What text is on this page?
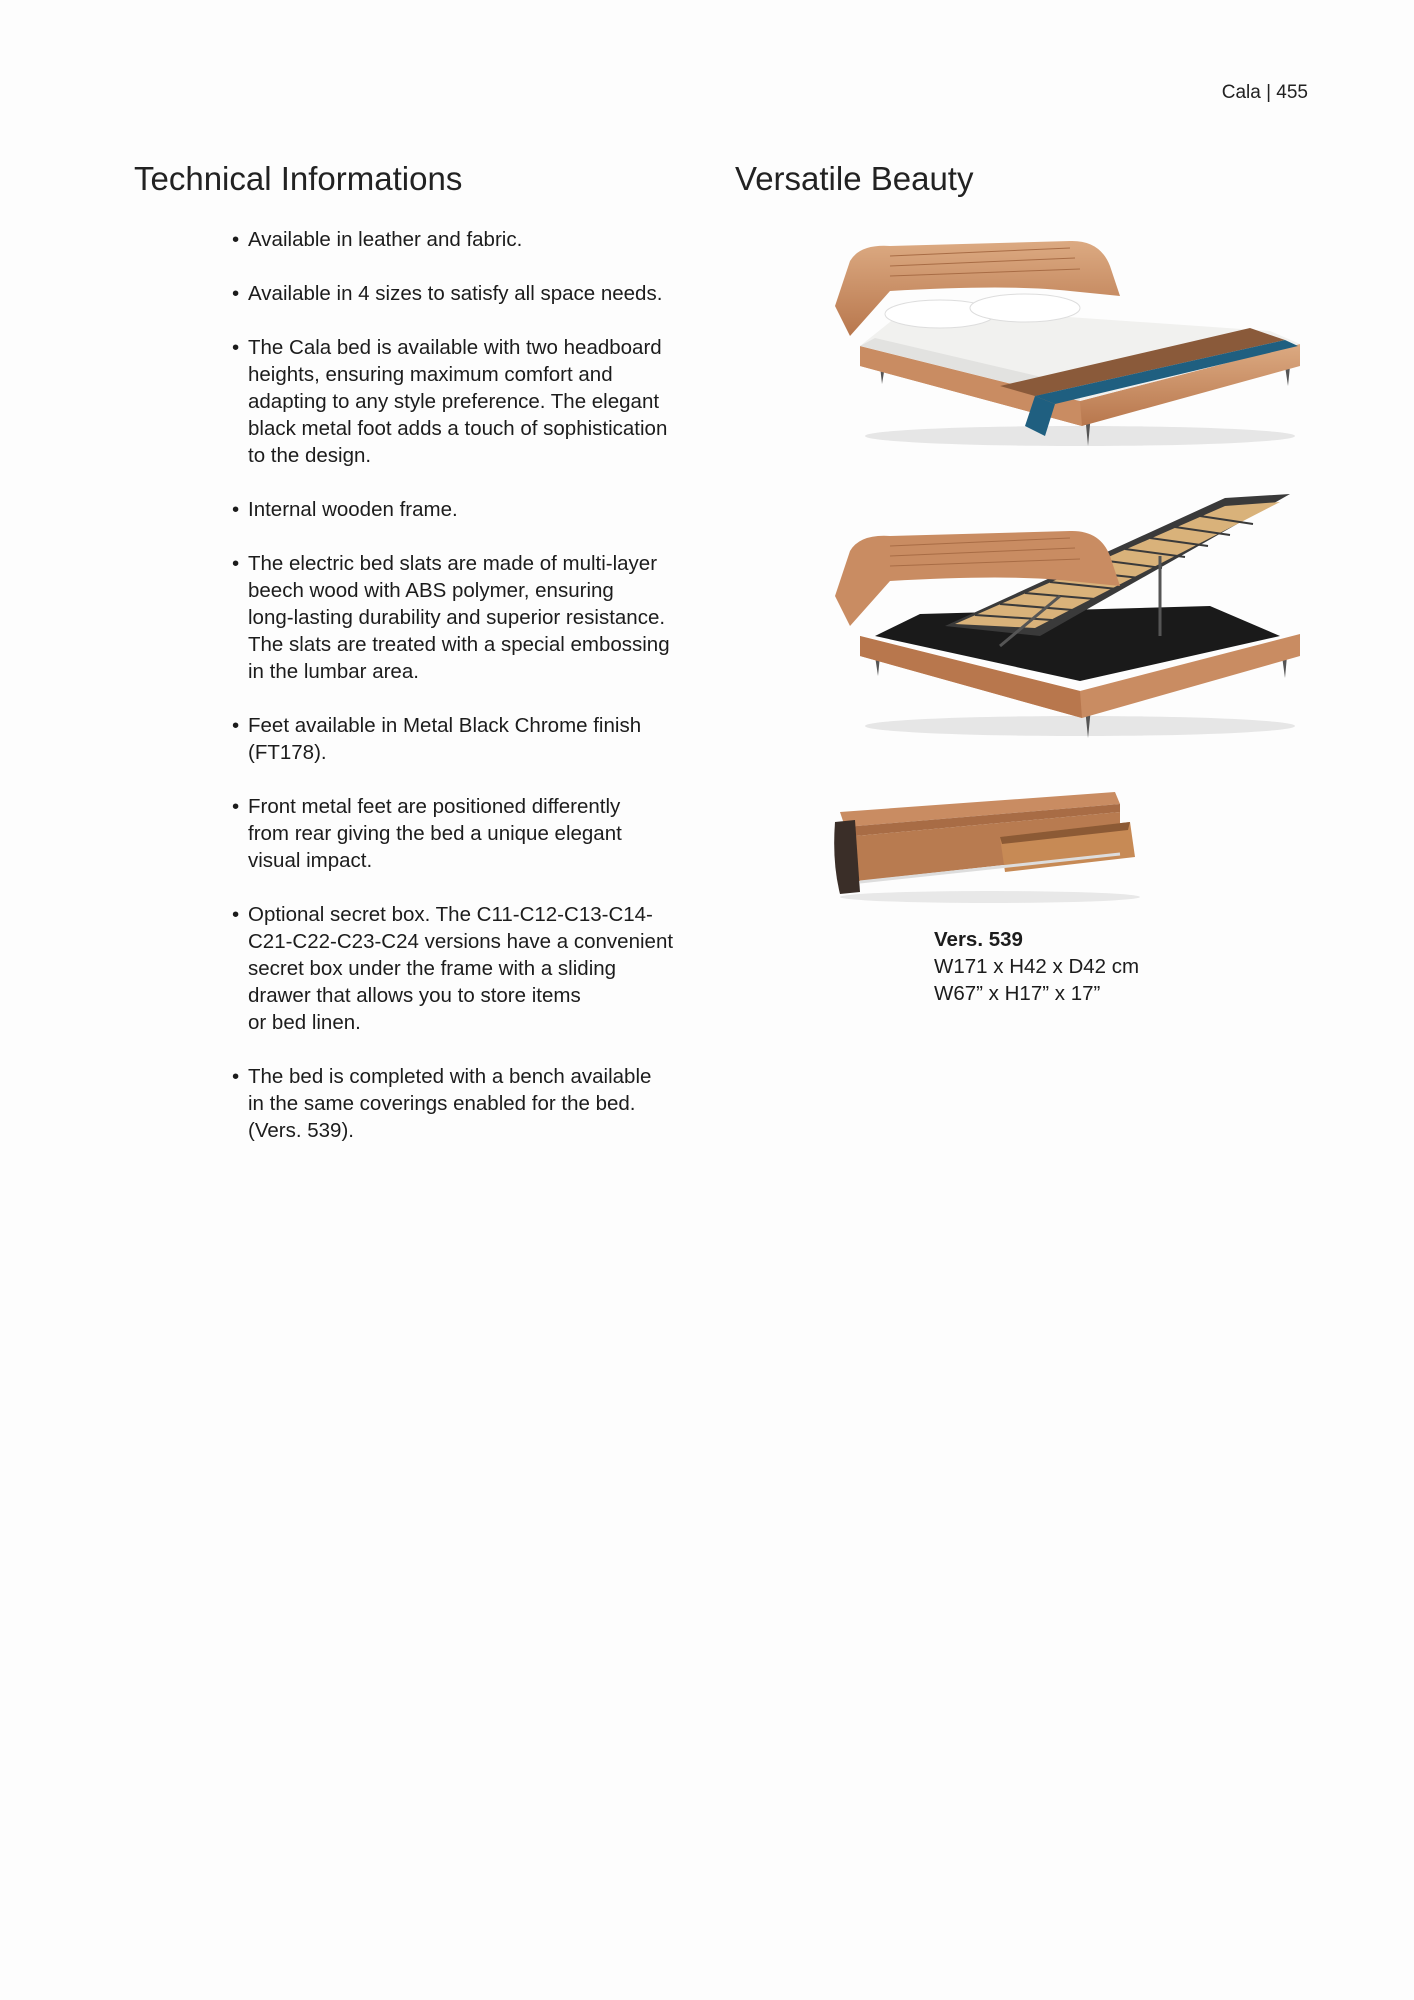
Cala | 455
Technical Informations	Versatile Beauty
• Available in leather and fabric.
• Available in 4 sizes to satisfy all space needs.
• The Cala bed is available with two headboard
heights, ensuring maximum comfort and
adapting to any style preference. The elegant
black metal foot adds a touch of sophistication
to the design.
• Internal wooden frame.
• The electric bed slats are made of multi-layer
beech wood with ABS polymer, ensuring
long-lasting durability and superior resistance.
The slats are treated with a special embossing
in the lumbar area.
• Feet available in Metal Black Chrome finish
(FT178).
• Front metal feet are positioned differently
from rear giving the bed a unique elegant
visual impact.
• Optional secret box. The C11-C12-C13-C14-
C21-C22-C23-C24 versions have a convenient
secret box under the frame with a sliding
drawer that allows you to store items
or bed linen.
• The bed is completed with a bench available
in the same coverings enabled for the bed.
(Vers. 539).
Vers. 539
W171 x H42 x D42 cm
W67” x H17” x 17”
